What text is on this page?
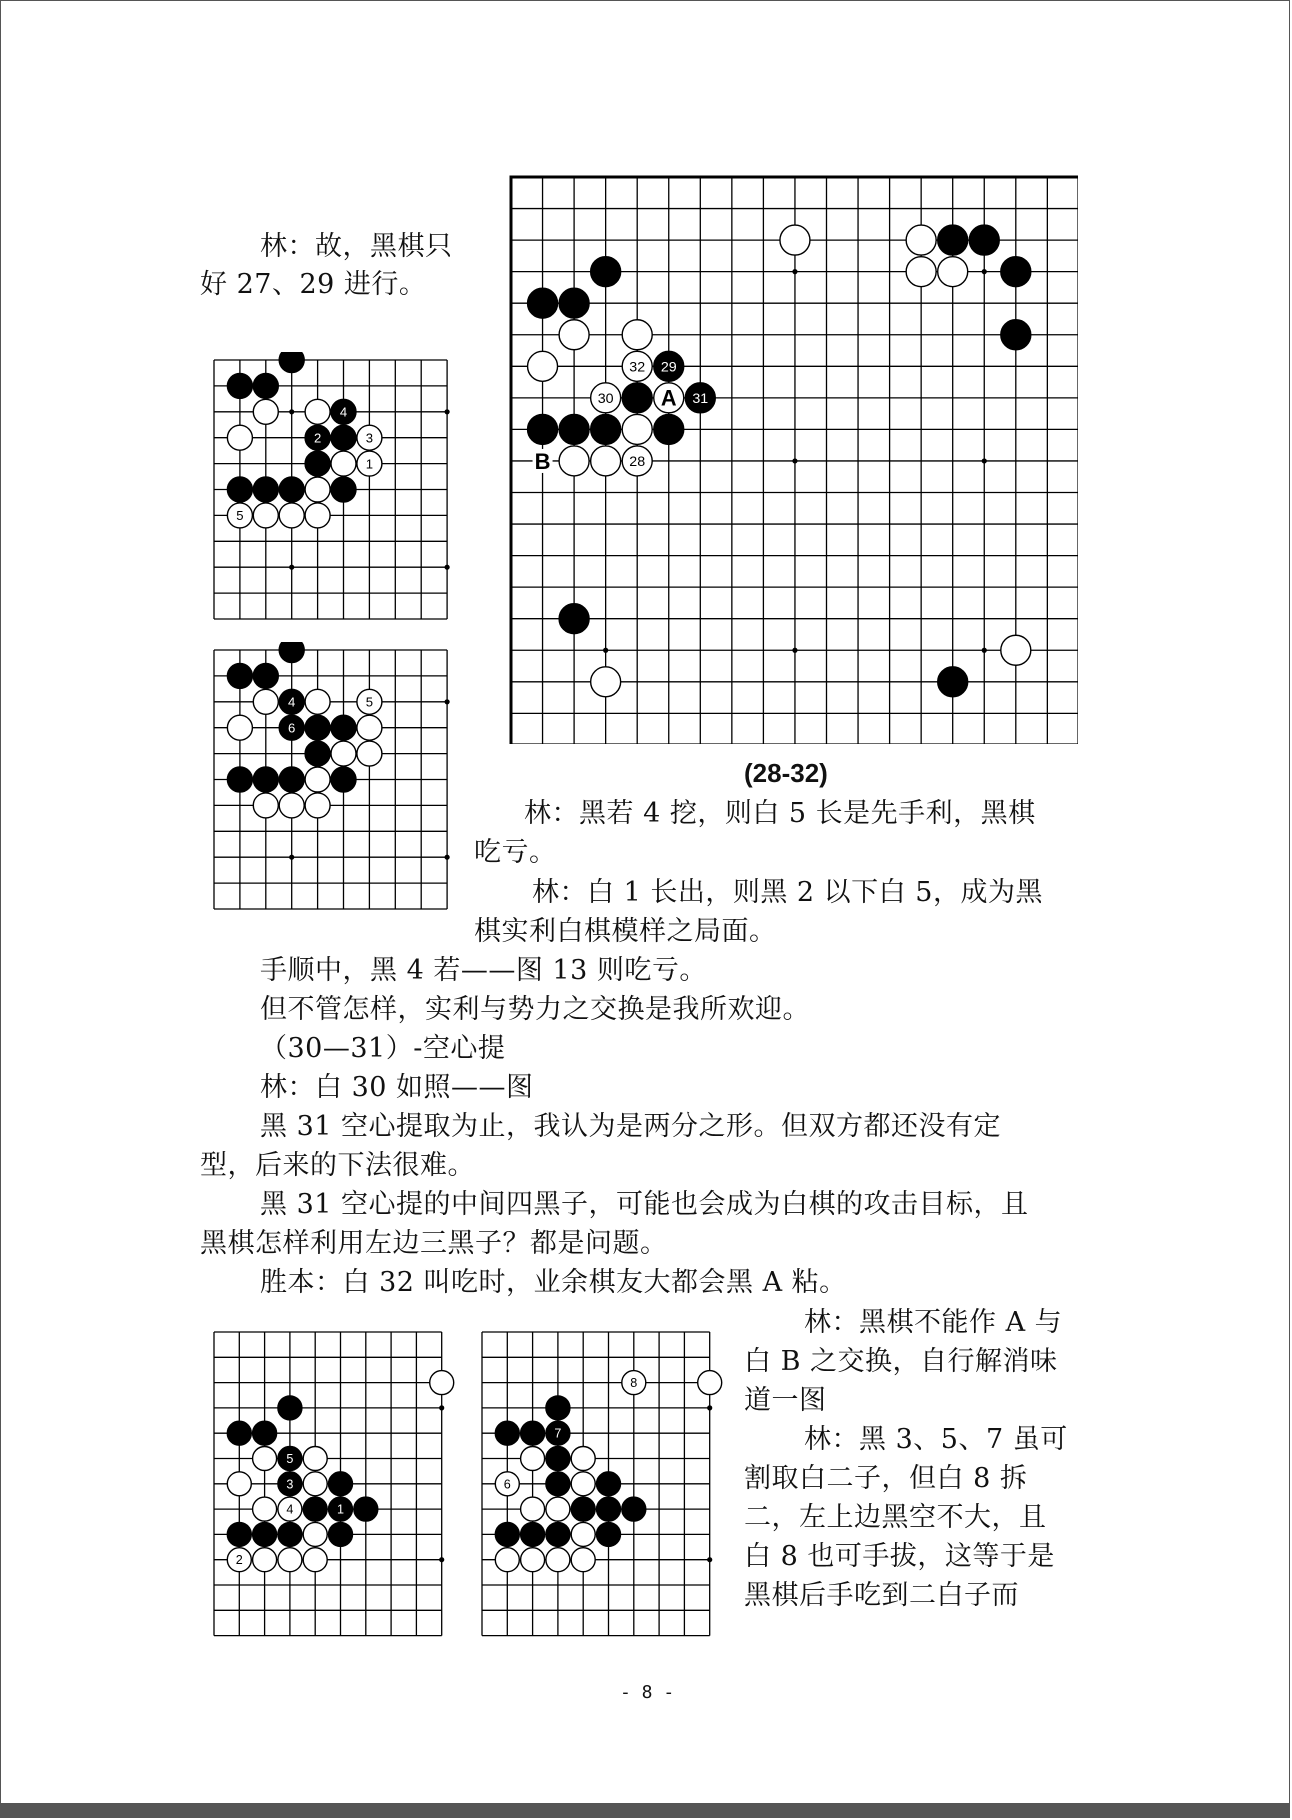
B
32 29
30 A 31
28
(28-32)
4
2	3
1
5
4	5
6
5
3
4	1
2
8
7
6
林：故，黑棋只
好 27、29 进行。
林：黑若 4 挖，则白 5 长是先手利，黑棋
吃亏。
林：白 1 长出，则黑 2 以下白 5，成为黑
棋实利白棋模样之局面。
手顺中，黑 4 若——图 13 则吃亏。
但不管怎样，实利与势力之交换是我所欢迎。
（30—31）-空心提
林：白 30 如照——图
黑 31 空心提取为止，我认为是两分之形。但双方都还没有定
型，后来的下法很难。
黑 31 空心提的中间四黑子，可能也会成为白棋的攻击目标，且
黑棋怎样利用左边三黑子？都是问题。
胜本：白 32 叫吃时，业余棋友大都会黑 A 粘。
林：黑棋不能作 A 与
白 B 之交换，自行解消味
道一图
林：黑 3、5、7 虽可
割取白二子，但白 8 拆
二，左上边黑空不大，且
白 8 也可手拔，这等于是
黑棋后手吃到二白子而
- 8 -
